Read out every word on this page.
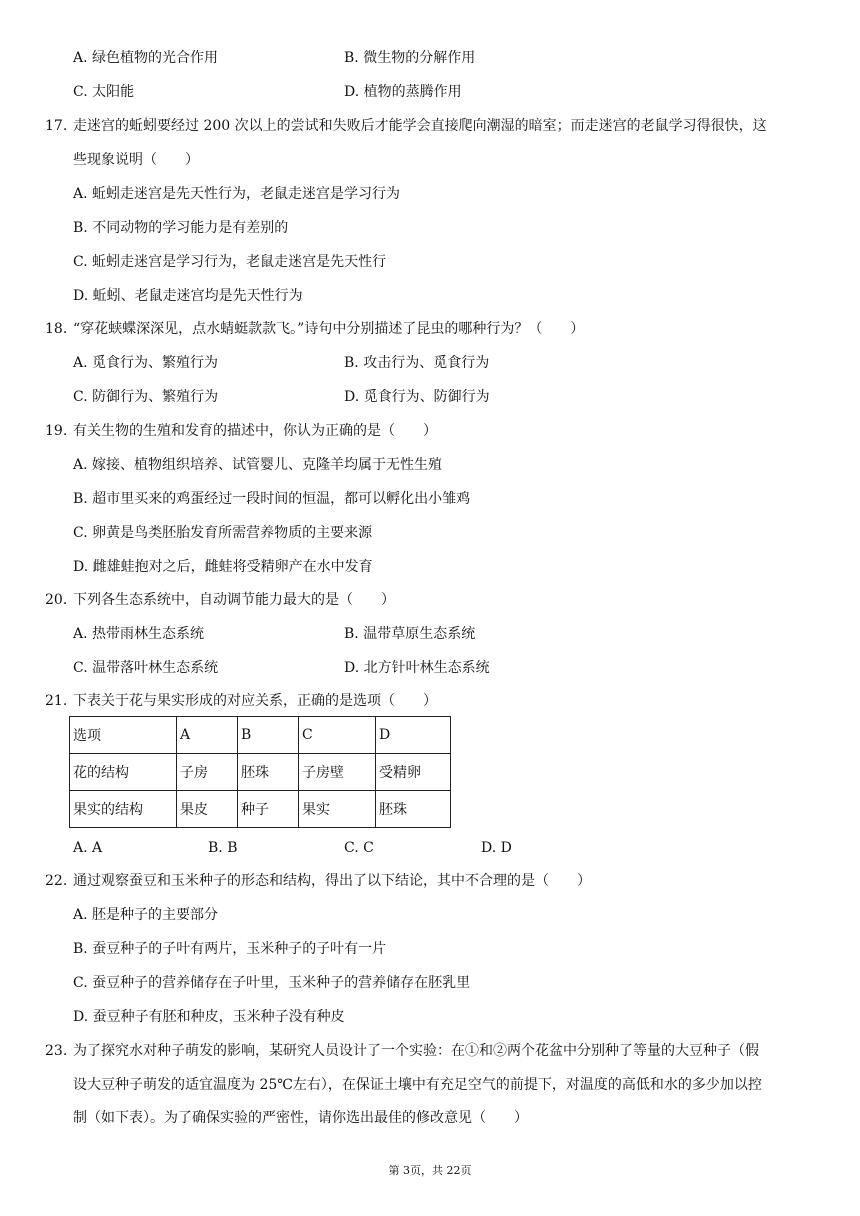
A. 绿色植物的光合作用	B. 微生物的分解作用
C. 太阳能	D. 植物的蒸腾作用
17. 走迷宫的蚯蚓要经过 200 次以上的尝试和失败后才能学会直接爬向潮湿的暗室；而走迷宫的老鼠学习得很快，这
些现象说明（　　）
A. 蚯蚓走迷宫是先天性行为，老鼠走迷宫是学习行为
B. 不同动物的学习能力是有差别的
C. 蚯蚓走迷宫是学习行为，老鼠走迷宫是先天性行
D. 蚯蚓、老鼠走迷宫均是先天性行为
18. “穿花蛱蝶深深见，点水蜻蜓款款飞。”诗句中分别描述了昆虫的哪种行为？（　　）
A. 觅食行为、繁殖行为	B. 攻击行为、觅食行为
C. 防御行为、繁殖行为	D. 觅食行为、防御行为
19. 有关生物的生殖和发育的描述中，你认为正确的是（　　）
A. 嫁接、植物组织培养、试管婴儿、克隆羊均属于无性生殖
B. 超市里买来的鸡蛋经过一段时间的恒温，都可以孵化出小雏鸡
C. 卵黄是鸟类胚胎发育所需营养物质的主要来源
D. 雌雄蛙抱对之后，雌蛙将受精卵产在水中发育
20. 下列各生态系统中，自动调节能力最大的是（　　）
A. 热带雨林生态系统	B. 温带草原生态系统
C. 温带落叶林生态系统	D. 北方针叶林生态系统
21. 下表关于花与果实形成的对应关系，正确的是选项（　　）
选项	A	B	C	D
花的结构	子房	胚珠	子房壁	受精卵
果实的结构	果皮	种子	果实	胚珠
A. A	B. B	C. C	D. D
22. 通过观察蚕豆和玉米种子的形态和结构，得出了以下结论，其中不合理的是（　　）
A. 胚是种子的主要部分
B. 蚕豆种子的子叶有两片，玉米种子的子叶有一片
C. 蚕豆种子的营养储存在子叶里，玉米种子的营养储存在胚乳里
D. 蚕豆种子有胚和种皮，玉米种子没有种皮
23. 为了探究水对种子萌发的影响，某研究人员设计了一个实验：在①和②两个花盆中分别种了等量的大豆种子（假
设大豆种子萌发的适宜温度为 25℃左右），在保证土壤中有充足空气的前提下，对温度的高低和水的多少加以控
制（如下表）。为了确保实验的严密性，请你选出最佳的修改意见（　　）
第 3页，共 22页
